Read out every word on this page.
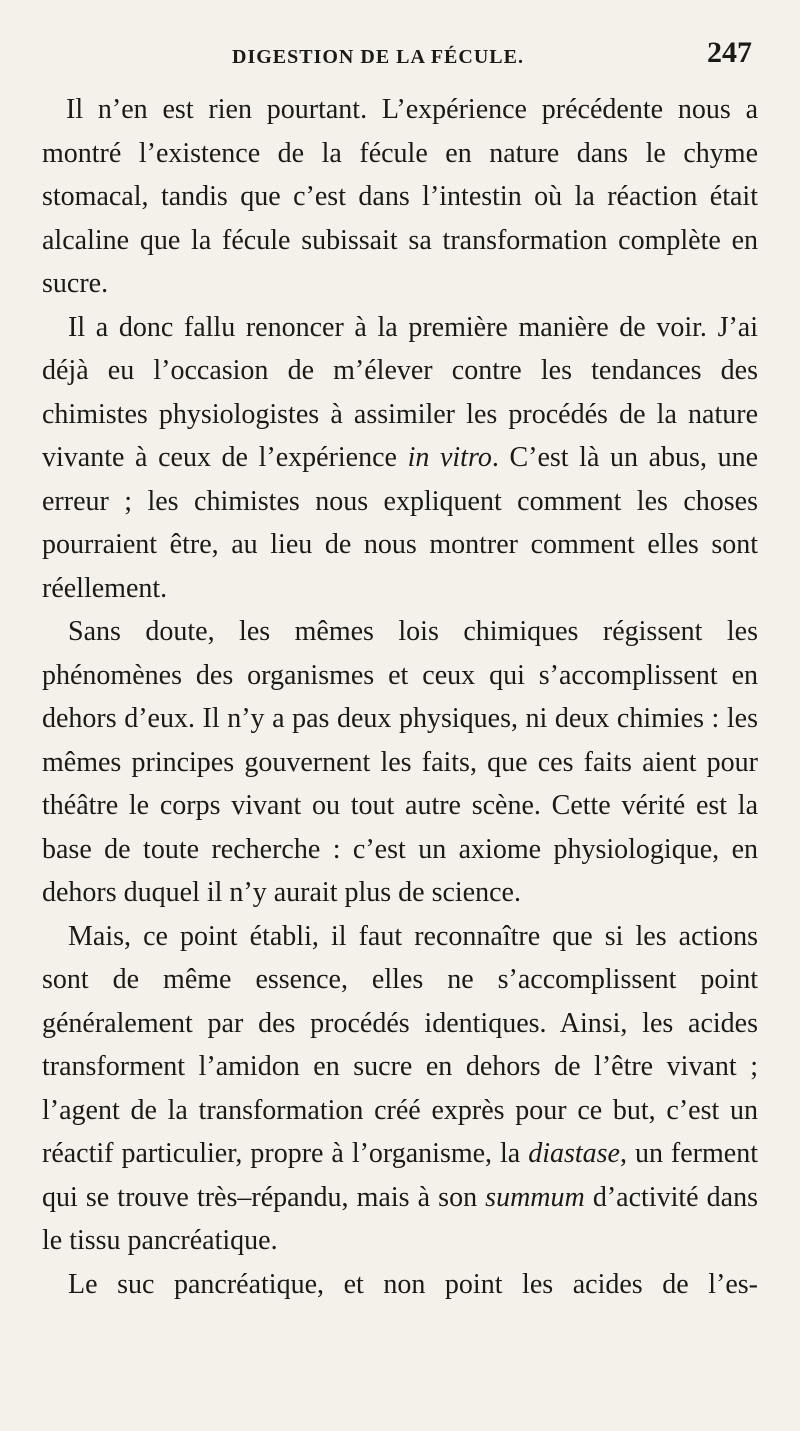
DIGESTION DE LA FÉCULE.	247

Il n’en est rien pourtant. L’expérience précédente nous a montré l’existence de la fécule en nature dans le chyme stomacal, tandis que c’est dans l’intestin où la réaction était alcaline que la fécule subissait sa transformation complète en sucre.

Il a donc fallu renoncer à la première manière de voir. J’ai déjà eu l’occasion de m’élever contre les tendances des chimistes physiologistes à assimiler les procédés de la nature vivante à ceux de l’expérience in vitro. C’est là un abus, une erreur ; les chimistes nous expliquent comment les choses pourraient être, au lieu de nous montrer comment elles sont réellement.

Sans doute, les mêmes lois chimiques régissent les phénomènes des organismes et ceux qui s’accomplissent en dehors d’eux. Il n’y a pas deux physiques, ni deux chimies : les mêmes principes gouvernent les faits, que ces faits aient pour théâtre le corps vivant ou tout autre scène. Cette vérité est la base de toute recherche : c’est un axiome physiologique, en dehors duquel il n’y aurait plus de science.

Mais, ce point établi, il faut reconnaître que si les actions sont de même essence, elles ne s’accomplissent point généralement par des procédés identiques. Ainsi, les acides transforment l’amidon en sucre en dehors de l’être vivant ; l’agent de la transformation créé exprès pour ce but, c’est un réactif particulier, propre à l’organisme, la diastase, un ferment qui se trouve très–répandu, mais à son summum d’activité dans le tissu pancréatique.

Le suc pancréatique, et non point les acides de l’es-
